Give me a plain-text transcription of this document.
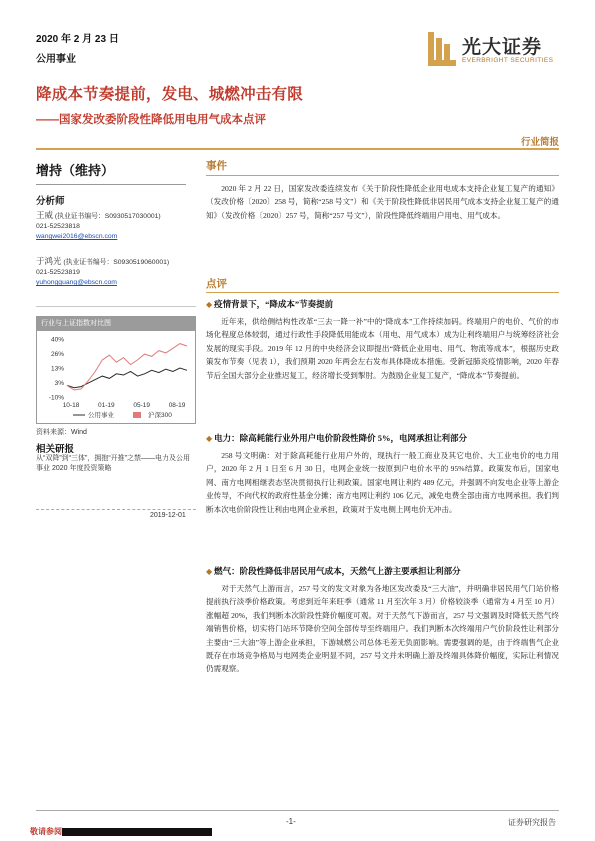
2020 年 2 月 23 日
公用事业
光大证券
EVERBRIGHT SECURITIES
降成本节奏提前，发电、城燃冲击有限
——国家发改委阶段性降低用电用气成本点评
行业简报
增持（维持）
分析师
王威 (执业证书编号：S0930517030001)
021-52523818
wangwei2016@ebscn.com
于鸿光 (执业证书编号：S0930519060001)
021-52523819
yuhongguang@ebscn.com
行业与上证指数对比图
40%
26%
13%
3%
-10%
10-18	01-19	05-19	08-19
公用事业	沪深300
资料来源：Wind
相关研报
从“双降”到“三体”，拥抱“开推”之禁——电力及公用事业 2020 年度投资策略
2019-12-01
事件
2020 年 2 月 22 日，国家发改委连续发布《关于阶段性降低企业用电成本支持企业复工复产的通知》（发改价格〔2020〕258 号，简称“258 号文”）和《关于阶段性降低非居民用气成本支持企业复工复产的通知》（发改价格〔2020〕257 号，简称“257 号文”），阶段性降低终端用户用电、用气成本。
点评
◆ 疫情背景下，“降成本”节奏提前
近年来，供给侧结构性改革“三去一降一补”中的“降成本”工作持续加码。终端用户的电价、气价的市场化程度总体较弱，通过行政性手段降低用能成本（用电、用气成本）成为让利终端用户与统筹经济社会发展的现实手段。2019 年 12 月的中央经济会议即提出“降低企业用电、用气、物流等成本”，根据历史政策发布节奏（见表 1），我们预期 2020 年两会左右发布具体降成本措施。受新冠肺炎疫情影响，2020 年春节后全国大部分企业推迟复工，经济增长受到掣肘。为鼓励企业复工复产，“降成本”节奏提前。
◆ 电力：除高耗能行业外用户电价阶段性降价 5%，电网承担让利部分
258 号文明确：对于除高耗能行业用户外的，现执行一般工商业及其它电价、大工业电价的电力用户，2020 年 2 月 1 日至 6 月 30 日，电网企业统一按原到户电价水平的 95%结算。政策发布后，国家电网、南方电网相继表态坚决贯彻执行让利政策。国家电网让利约 489 亿元，并强调不向发电企业等上游企业传导，不向代权的政府性基金分摊；南方电网让利约 106 亿元，减免电费全部由南方电网承担。我们判断本次电价阶段性让利由电网企业承担，政策对于发电侧上网电价无冲击。
◆ 燃气：阶段性降低非居民用气成本，天然气上游主要承担让利部分
对于天然气上游而言，257 号文的发文对象为各地区发改委及“三大油”，并明确非居民用气门站价格提前执行淡季价格政策。考虑到近年来旺季（通常 11 月至次年 3 月）价格较淡季（通常为 4 月至 10 月）涨幅超 20%，我们判断本次阶段性降价幅度可观。对于天然气下游而言，257 号文强调及时降低天然气终端销售价格，切实将门站环节降价空间全部传导至终端用户。我们判断本次终端用户气价阶段性让利部分主要由“三大油”等上游企业承担，下游城燃公司总体毛差无负面影响。需要强调的是，由于终端售气企业既存在市场竞争格局与电网类企业明显不同，257 号文并未明确上游及终端具体降价幅度，实际让利情况仍需观察。
-1-	证券研究报告
敬请参阅
